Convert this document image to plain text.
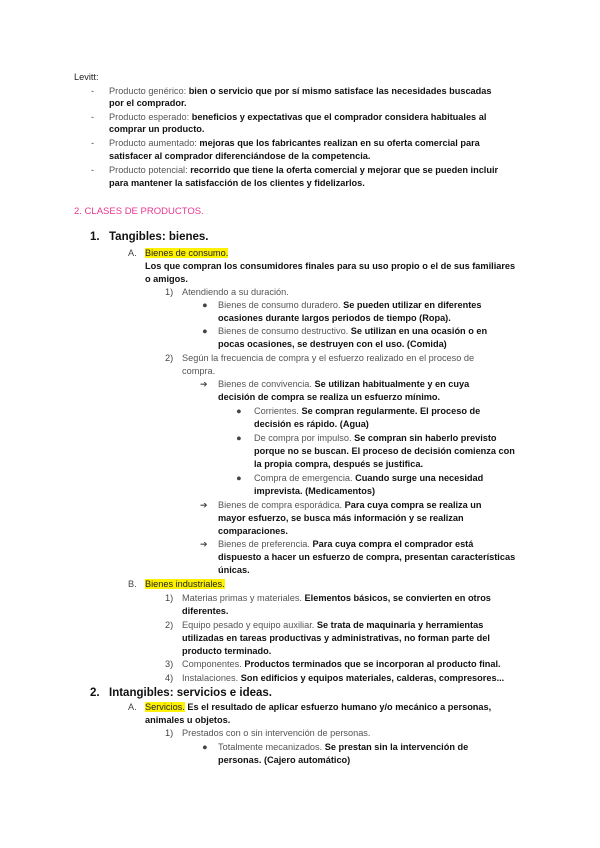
Levitt:
- Producto genérico: bien o servicio que por sí mismo satisface las necesidades buscadas
por el comprador.
- Producto esperado: beneficios y expectativas que el comprador considera habituales al
comprar un producto.
- Producto aumentado: mejoras que los fabricantes realizan en su oferta comercial para
satisfacer al comprador diferenciándose de la competencia.
- Producto potencial: recorrido que tiene la oferta comercial y mejorar que se pueden incluir
para mantener la satisfacción de los clientes y fidelizarlos.
2. CLASES DE PRODUCTOS.
1. Tangibles: bienes.
A. Bienes de consumo.
Los que compran los consumidores finales para su uso propio o el de sus familiares
o amigos.
1) Atendiendo a su duración.
● Bienes de consumo duradero. Se pueden utilizar en diferentes
ocasiones durante largos periodos de tiempo (Ropa).
● Bienes de consumo destructivo. Se utilizan en una ocasión o en
pocas ocasiones, se destruyen con el uso. (Comida)
2) Según la frecuencia de compra y el esfuerzo realizado en el proceso de
compra.
➔ Bienes de convivencia. Se utilizan habitualmente y en cuya
decisión de compra se realiza un esfuerzo mínimo.
● Corrientes. Se compran regularmente. El proceso de
decisión es rápido. (Agua)
● De compra por impulso. Se compran sin haberlo previsto
porque no se buscan. El proceso de decisión comienza con
la propia compra, después se justifica.
● Compra de emergencia. Cuando surge una necesidad
imprevista. (Medicamentos)
➔ Bienes de compra esporádica. Para cuya compra se realiza un
mayor esfuerzo, se busca más información y se realizan
comparaciones.
➔ Bienes de preferencia. Para cuya compra el comprador está
dispuesto a hacer un esfuerzo de compra, presentan características
únicas.
B. Bienes industriales.
1) Materias primas y materiales. Elementos básicos, se convierten en otros
diferentes.
2) Equipo pesado y equipo auxiliar. Se trata de maquinaria y herramientas
utilizadas en tareas productivas y administrativas, no forman parte del
producto terminado.
3) Componentes. Productos terminados que se incorporan al producto final.
4) Instalaciones. Son edificios y equipos materiales, calderas, compresores...
2. Intangibles: servicios e ideas.
A. Servicios. Es el resultado de aplicar esfuerzo humano y/o mecánico a personas,
animales u objetos.
1) Prestados con o sin intervención de personas.
● Totalmente mecanizados. Se prestan sin la intervención de
personas. (Cajero automático)
